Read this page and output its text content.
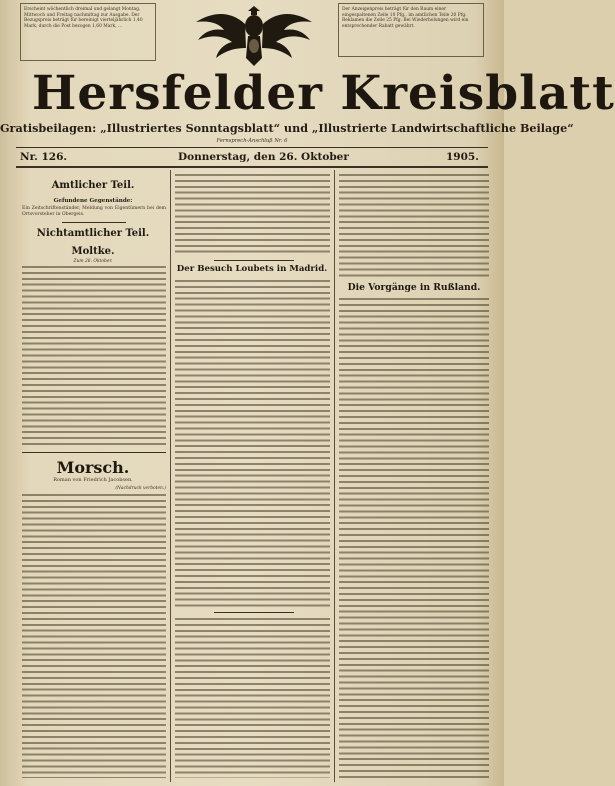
Erscheint wöchentlich dreimal und gelangt Montag, Mittwoch und Freitag nachmittag zur Ausgabe. Der Bezugspreis beträgt für bereinigt vierteljährlich 1,40 Mark, durch die Post bezogen 1,60 Mark, ...
Der Anzeigenpreis beträgt für den Raum einer eingespaltenen Zeile 10 Pfg., im amtlichen Teile 20 Pfg. Reklamen die Zeile 25 Pfg. Bei Wiederholungen wird ein entsprechender Rabatt gewährt.
Hersfelder Kreisblatt
Gratisbeilagen: „Illustriertes Sonntagsblatt“ und „Illustrierte Landwirtschaftliche Beilage“
Fernsprech-Anschluß Nr. 6
Nr. 126.	Donnerstag, den 26. Oktober	1905.
Amtlicher Teil.
Gefundene Gegenstände:
Ein Zeitschriftenständer, Meldung von Eigentümern bei dem Ortsvorsteher in Obergeis.
Nichtamtlicher Teil.
Moltke.
Zum 26. Oktober.
Morsch.
Roman von Friedrich Jacobsen.
(Nachdruck verboten.)
Der Besuch Loubets in Madrid.
Die Vorgänge in Rußland.
